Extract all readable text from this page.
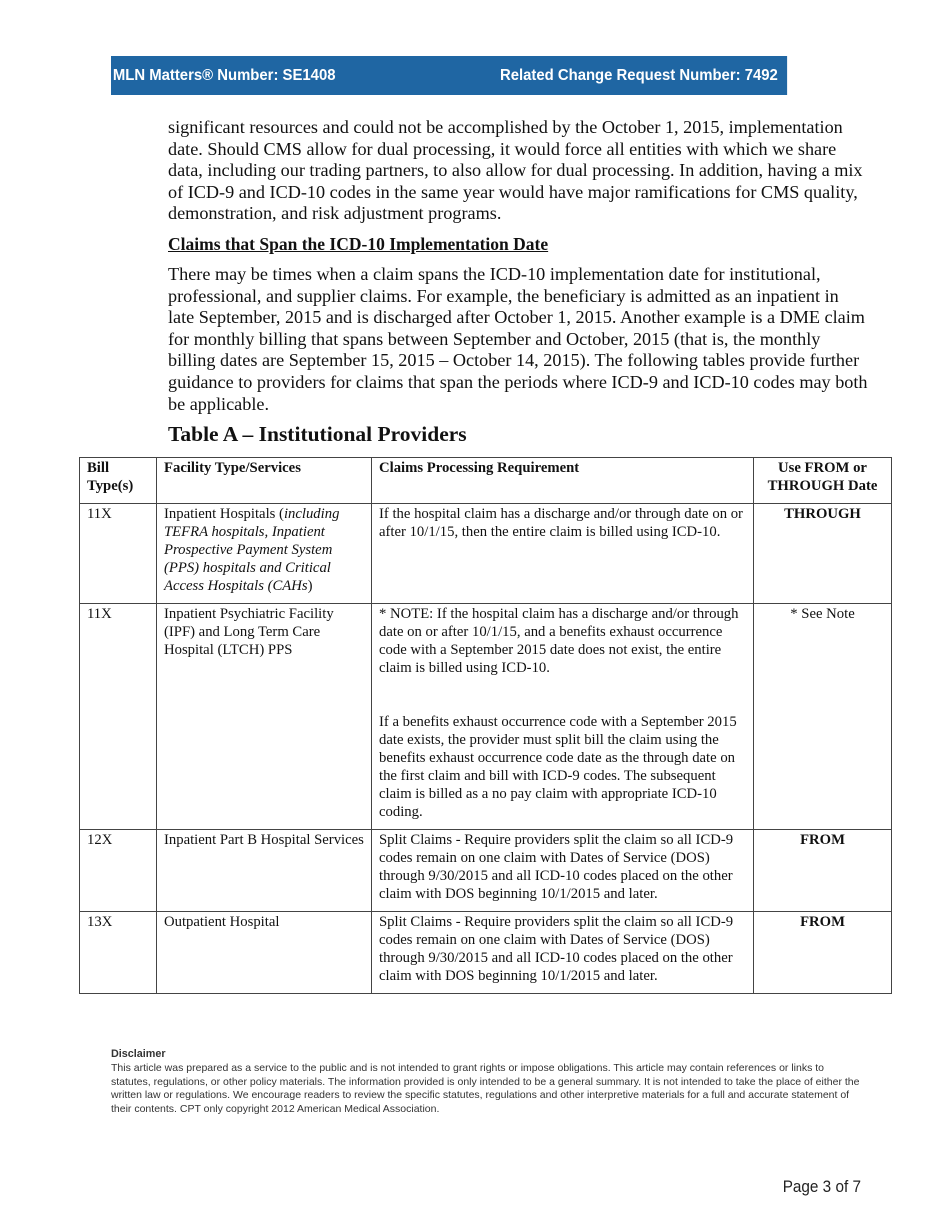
MLN Matters® Number: SE1408	Related Change Request Number: 7492

significant resources and could not be accomplished by the October 1, 2015, implementation date. Should CMS allow for dual processing, it would force all entities with which we share data, including our trading partners, to also allow for dual processing. In addition, having a mix of ICD-9 and ICD-10 codes in the same year would have major ramifications for CMS quality, demonstration, and risk adjustment programs.

Claims that Span the ICD-10 Implementation Date

There may be times when a claim spans the ICD-10 implementation date for institutional, professional, and supplier claims. For example, the beneficiary is admitted as an inpatient in late September, 2015 and is discharged after October 1, 2015. Another example is a DME claim for monthly billing that spans between September and October, 2015 (that is, the monthly billing dates are September 15, 2015 – October 14, 2015). The following tables provide further guidance to providers for claims that span the periods where ICD-9 and ICD-10 codes may both be applicable.

Table A – Institutional Providers
Bill Type(s)	Facility Type/Services	Claims Processing Requirement	Use FROM or THROUGH Date
11X	Inpatient Hospitals (including TEFRA hospitals, Inpatient Prospective Payment System (PPS) hospitals and Critical Access Hospitals (CAHs)	If the hospital claim has a discharge and/or through date on or after 10/1/15, then the entire claim is billed using ICD-10.	THROUGH
11X	Inpatient Psychiatric Facility (IPF) and Long Term Care Hospital (LTCH) PPS	* NOTE: If the hospital claim has a discharge and/or through date on or after 10/1/15, and a benefits exhaust occurrence code with a September 2015 date does not exist, the entire claim is billed using ICD-10.
If a benefits exhaust occurrence code with a September 2015 date exists, the provider must split bill the claim using the benefits exhaust occurrence code date as the through date on the first claim and bill with ICD-9 codes. The subsequent claim is billed as a no pay claim with appropriate ICD-10 coding.	* See Note
12X	Inpatient Part B Hospital Services	Split Claims - Require providers split the claim so all ICD-9 codes remain on one claim with Dates of Service (DOS) through 9/30/2015 and all ICD-10 codes placed on the other claim with DOS beginning 10/1/2015 and later.	FROM
13X	Outpatient Hospital	Split Claims - Require providers split the claim so all ICD-9 codes remain on one claim with Dates of Service (DOS) through 9/30/2015 and all ICD-10 codes placed on the other claim with DOS beginning 10/1/2015 and later.	FROM
Disclaimer
This article was prepared as a service to the public and is not intended to grant rights or impose obligations. This article may contain references or links to statutes, regulations, or other policy materials. The information provided is only intended to be a general summary. It is not intended to take the place of either the written law or regulations. We encourage readers to review the specific statutes, regulations and other interpretive materials for a full and accurate statement of their contents. CPT only copyright 2012 American Medical Association.
Page 3 of 7
